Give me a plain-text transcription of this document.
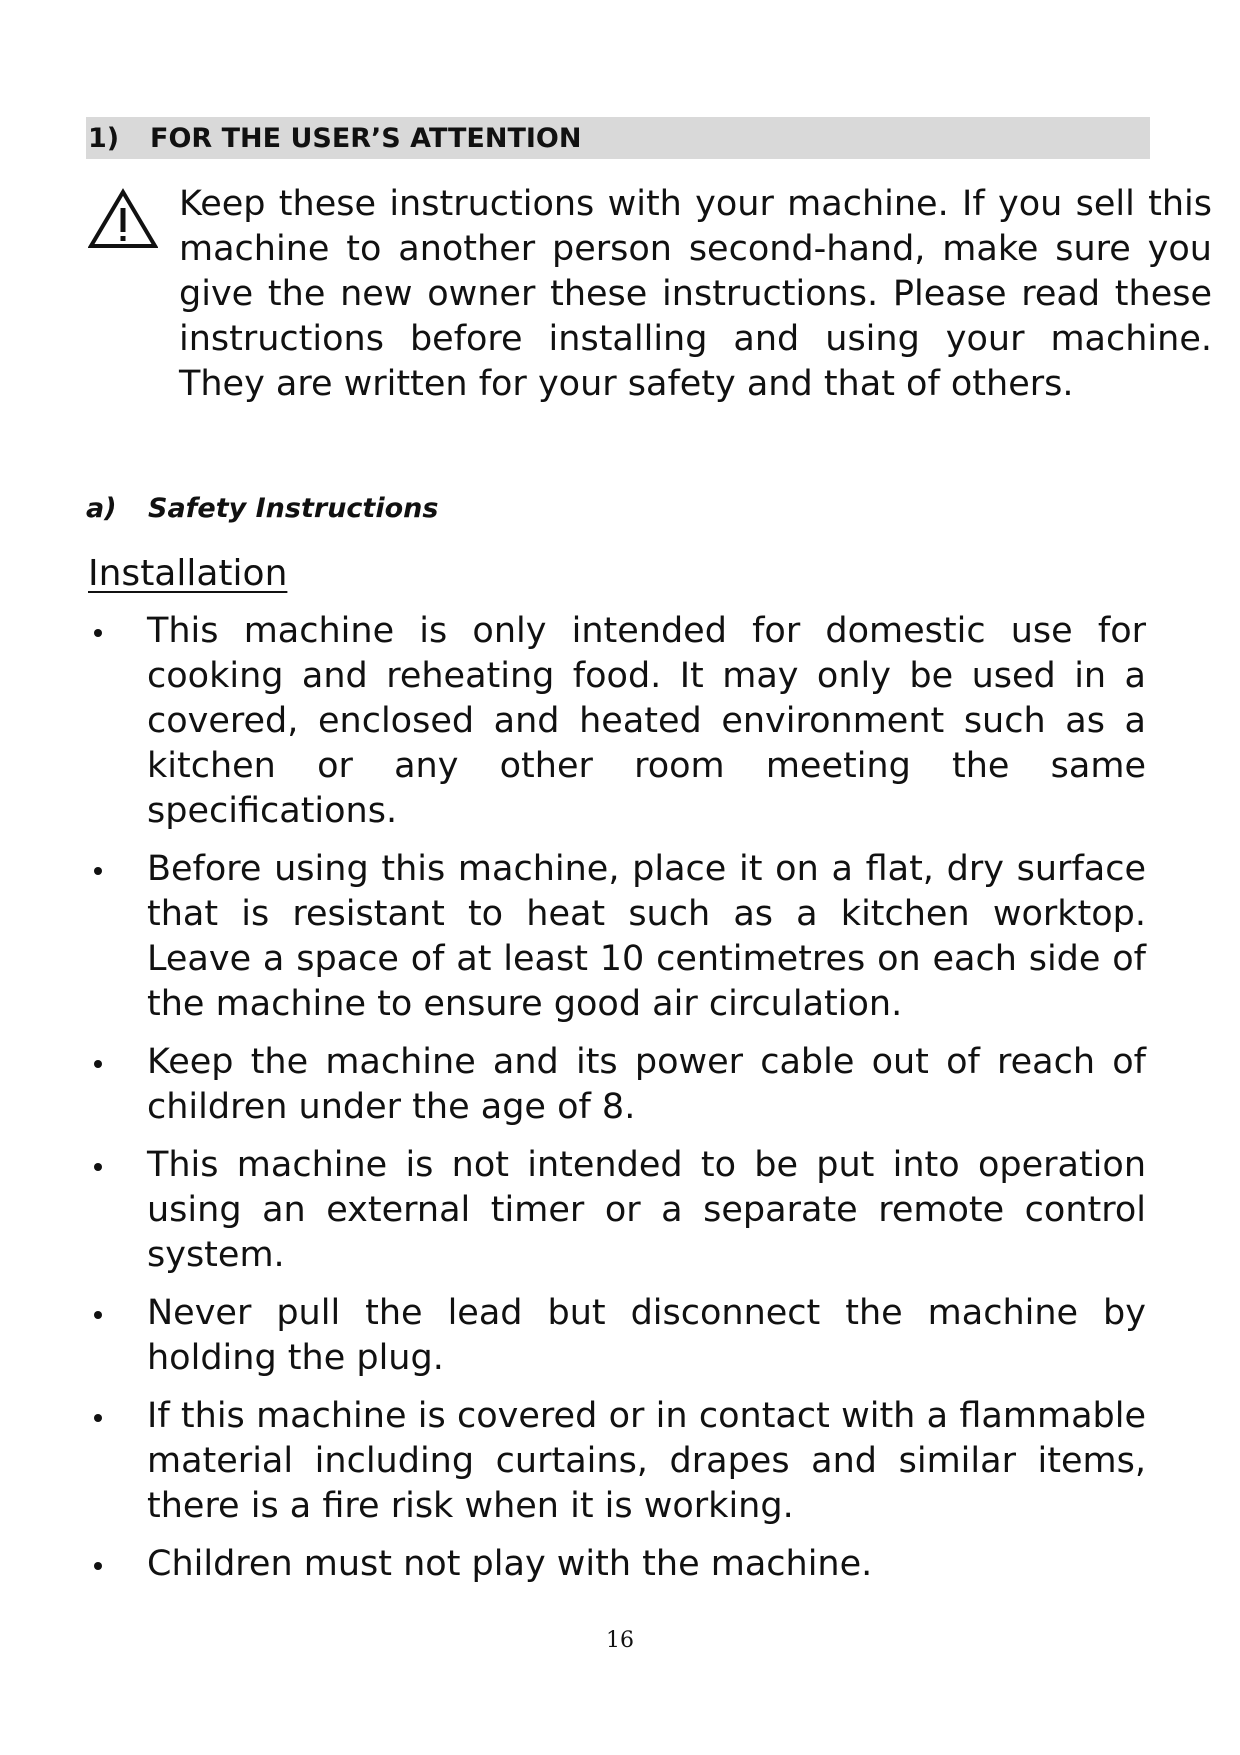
1)	FOR THE USER’S ATTENTION
Keep these instructions with your machine. If you sell this machine to another person second-hand, make sure you give the new owner these instructions. Please read these instructions before installing and using your machine. They are written for your safety and that of others.
a)	Safety Instructions
Installation
This machine is only intended for domestic use for cooking and reheating food. It may only be used in a covered, enclosed and heated environment such as a kitchen or any other room meeting the same specifications.
Before using this machine, place it on a flat, dry surface that is resistant to heat such as a kitchen worktop. Leave a space of at least 10 centimetres on each side of the machine to ensure good air circulation.
Keep the machine and its power cable out of reach of children under the age of 8.
This machine is not intended to be put into operation using an external timer or a separate remote control system.
Never pull the lead but disconnect the machine by holding the plug.
If this machine is covered or in contact with a flammable material including curtains, drapes and similar items, there is a fire risk when it is working.
Children must not play with the machine.
16
